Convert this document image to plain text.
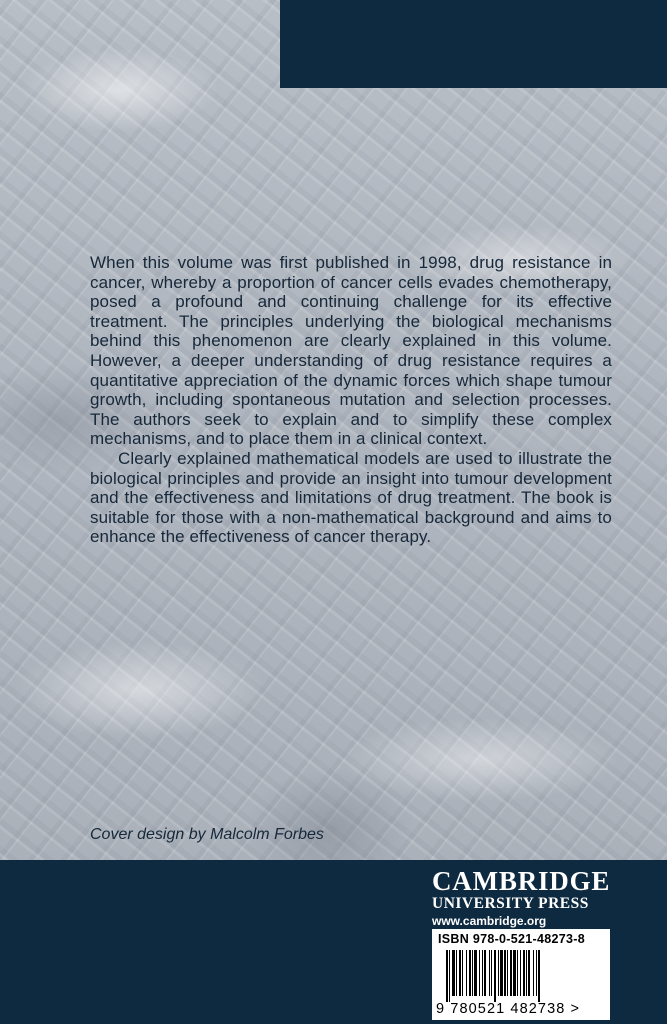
When this volume was first published in 1998, drug resistance in cancer, whereby a proportion of cancer cells evades chemotherapy, posed a profound and continuing challenge for its effective treatment. The principles underlying the biological mechanisms behind this phenomenon are clearly explained in this volume. However, a deeper understanding of drug resistance requires a quantitative appreciation of the dynamic forces which shape tumour growth, including spontaneous mutation and selection processes. The authors seek to explain and to simplify these complex mechanisms, and to place them in a clinical context.

Clearly explained mathematical models are used to illustrate the biological principles and provide an insight into tumour development and the effectiveness and limitations of drug treatment. The book is suitable for those with a non-mathematical background and aims to enhance the effectiveness of cancer therapy.

Cover design by Malcolm Forbes
CAMBRIDGE
UNIVERSITY PRESS
www.cambridge.org
ISBN 978-0-521-48273-8
9 780521 482738 >
